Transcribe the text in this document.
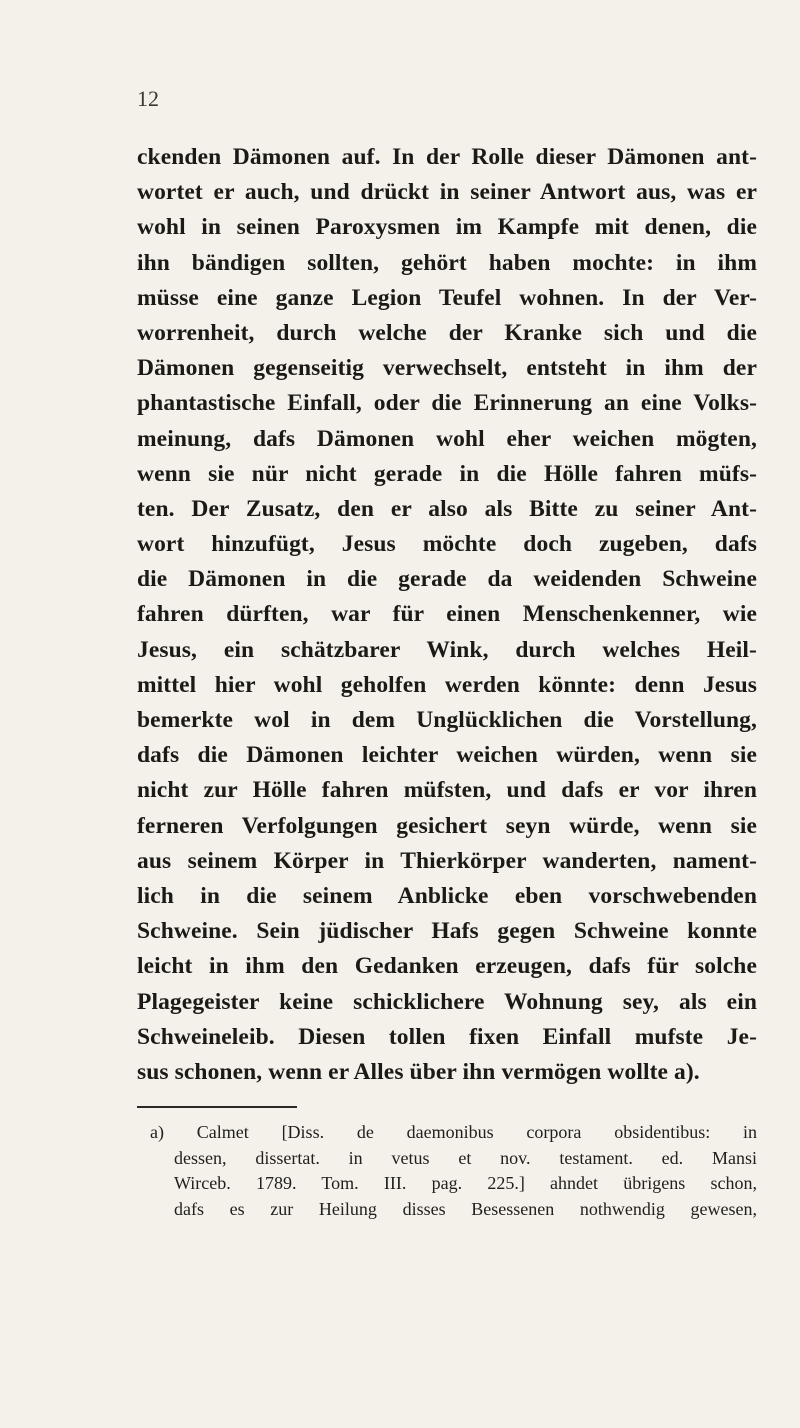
12
ckenden Dämonen auf. In der Rolle dieser Dämonen ant-
wortet er auch, und drückt in seiner Antwort aus, was er
wohl in seinen Paroxysmen im Kampfe mit denen, die
ihn bändigen sollten, gehört haben mochte: in ihm
müsse eine ganze Legion Teufel wohnen. In der Ver-
worrenheit, durch welche der Kranke sich und die
Dämonen gegenseitig verwechselt, entsteht in ihm der
phantastische Einfall, oder die Erinnerung an eine Volks-
meinung, dafs Dämonen wohl eher weichen mögten,
wenn sie nür nicht gerade in die Hölle fahren müfs-
ten. Der Zusatz, den er also als Bitte zu seiner Ant-
wort hinzufügt, Jesus möchte doch zugeben, dafs
die Dämonen in die gerade da weidenden Schweine
fahren dürften, war für einen Menschenkenner, wie
Jesus, ein schätzbarer Wink, durch welches Heil-
mittel hier wohl geholfen werden könnte: denn Jesus
bemerkte wol in dem Unglücklichen die Vorstellung,
dafs die Dämonen leichter weichen würden, wenn sie
nicht zur Hölle fahren müfsten, und dafs er vor ihren
ferneren Verfolgungen gesichert seyn würde, wenn sie
aus seinem Körper in Thierkörper wanderten, nament-
lich in die seinem Anblicke eben vorschwebenden
Schweine. Sein jüdischer Hafs gegen Schweine konnte
leicht in ihm den Gedanken erzeugen, dafs für solche
Plagegeister keine schicklichere Wohnung sey, als ein
Schweineleib. Diesen tollen fixen Einfall mufste Je-
sus schonen, wenn er Alles über ihn vermögen wollte a).
a) Calmet [Diss. de daemonibus corpora obsidentibus: in
dessen, dissertat. in vetus et nov. testament. ed. Mansi
Wirceb. 1789. Tom. III. pag. 225.] ahndet übrigens schon,
dafs es zur Heilung disses Besessenen nothwendig gewesen,
